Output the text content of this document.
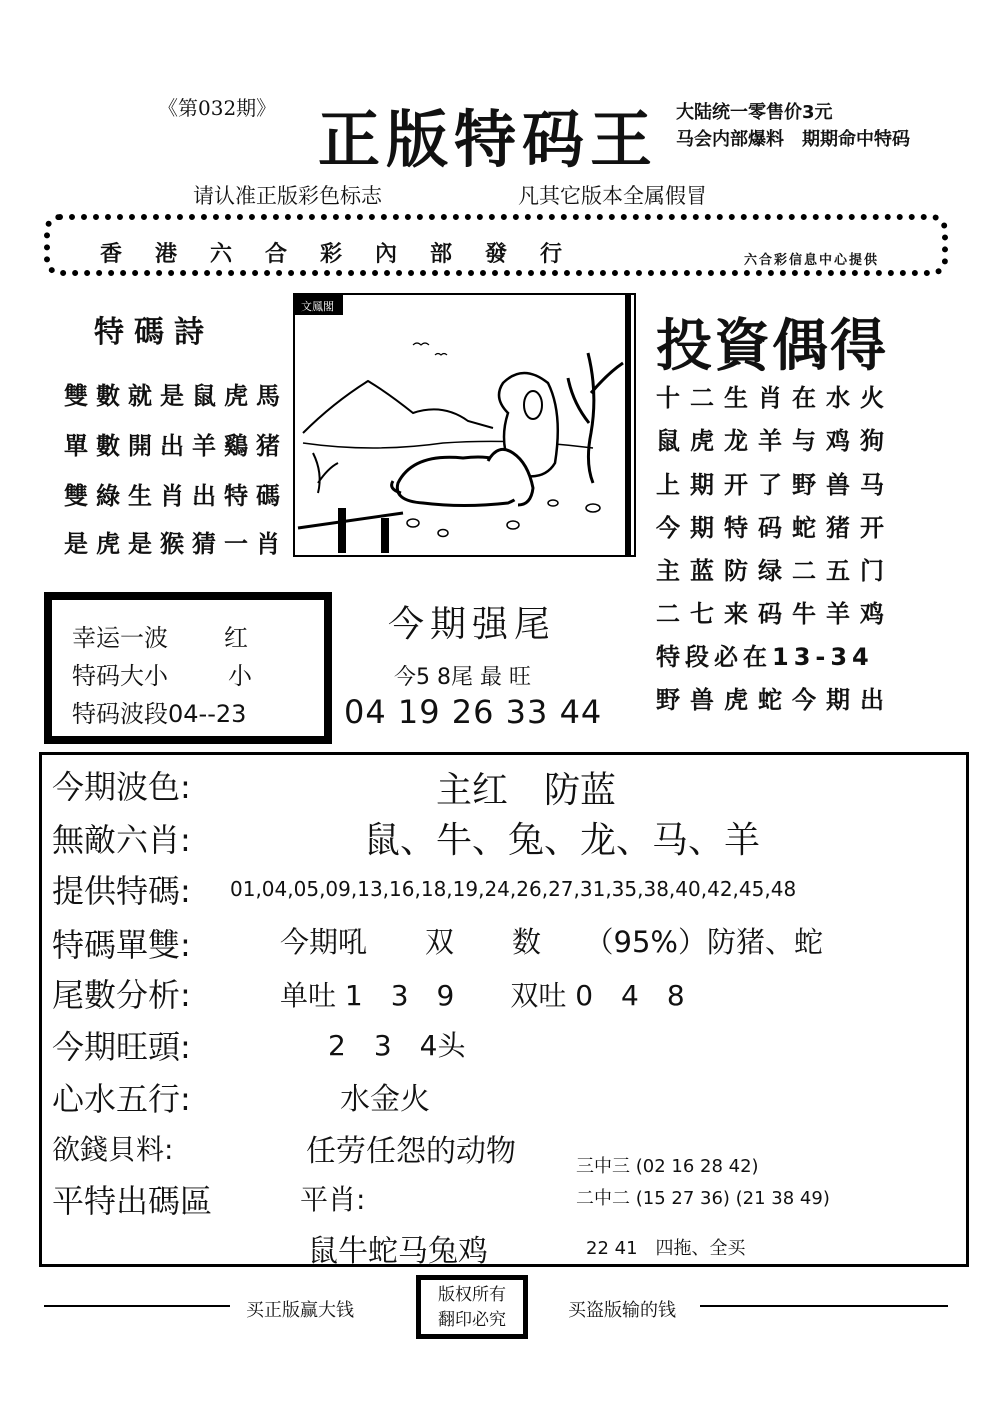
《第032期》 正版特码王 大陆统一零售价3元
马会内部爆料　期期命中特码
请认准正版彩色标志	凡其它版本全属假冒
香港六合彩內部發行	六合彩信息中心提供
特碼詩
雙數就是鼠虎馬
單數開出羊鷄猪
雙綠生肖出特碼
是虎是猴猜一肖
文鳳閣
投資偶得
十二生肖在水火
鼠虎龙羊与鸡狗
上期开了野兽马
今期特码蛇猪开
主蓝防绿二五门
二七来码牛羊鸡
特段必在13-34
野兽虎蛇今期出
幸运一波 红
特码大小	小
特码波段04--23
今期强尾
今5 8尾 最 旺
04 19 26 33 44
今期波色:	主红　防蓝
無敵六肖:	鼠、牛、兔、龙、马、羊
提供特碼: 01,04,05,09,13,16,18,19,24,26,27,31,35,38,40,42,45,48
特碼單雙:	今期吼　　双　　数　　（95%）防猪、蛇
尾數分析:	单吐 1　3　9　　双吐 0　4　8
今期旺頭:	2　3　4头
心水五行:	水金火
欲錢貝料:	任劳任怨的动物
平特出碼區	平肖:
鼠牛蛇马兔鸡
三中三 (02 16 28 42)
二中二 (15 27 36) (21 38 49)
22 41　四拖、全买
买正版赢大钱
版权所有
翻印必究	买盗版输的钱
